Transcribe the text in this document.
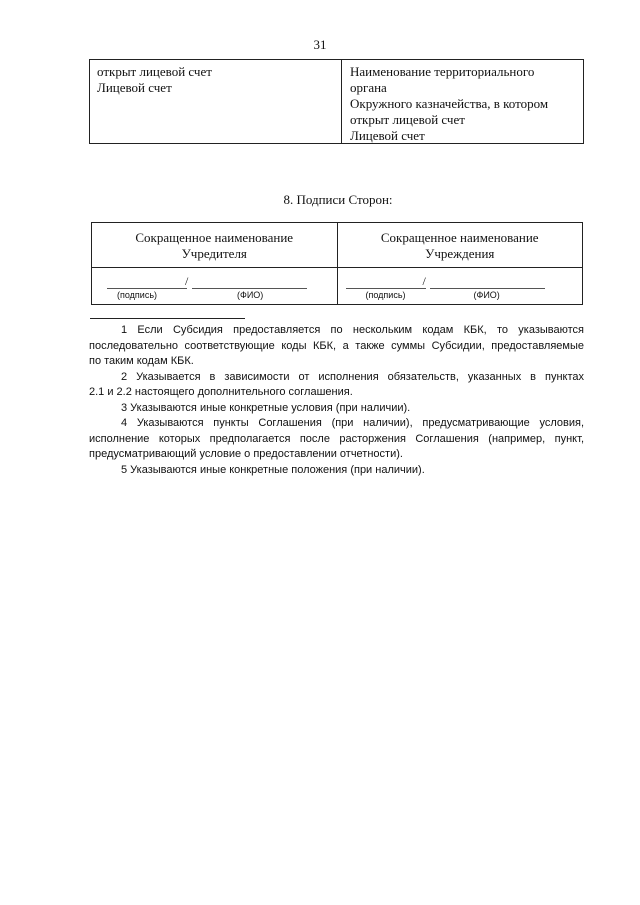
31
открыт лицевой счет
Лицевой счет
Наименование территориального
органа
Окружного казначейства, в котором
открыт лицевой счет
Лицевой счет
8. Подписи Сторон:
Сокращенное наименование
Учредителя
Сокращенное наименование
Учреждения
/
(подпись)	(ФИО)
/
(подпись)	(ФИО)
1 Если Субсидия предоставляется по нескольким кодам КБК, то указываются
последовательно соответствующие коды КБК, а также суммы Субсидии, предоставляемые
по таким кодам КБК.
2 Указывается в зависимости от исполнения обязательств, указанных в пунктах
2.1 и 2.2 настоящего дополнительного соглашения.
3 Указываются иные конкретные условия (при наличии).
4 Указываются пункты Соглашения (при наличии), предусматривающие условия,
исполнение которых предполагается после расторжения Соглашения (например, пункт,
предусматривающий условие о предоставлении отчетности).
5 Указываются иные конкретные положения (при наличии).
